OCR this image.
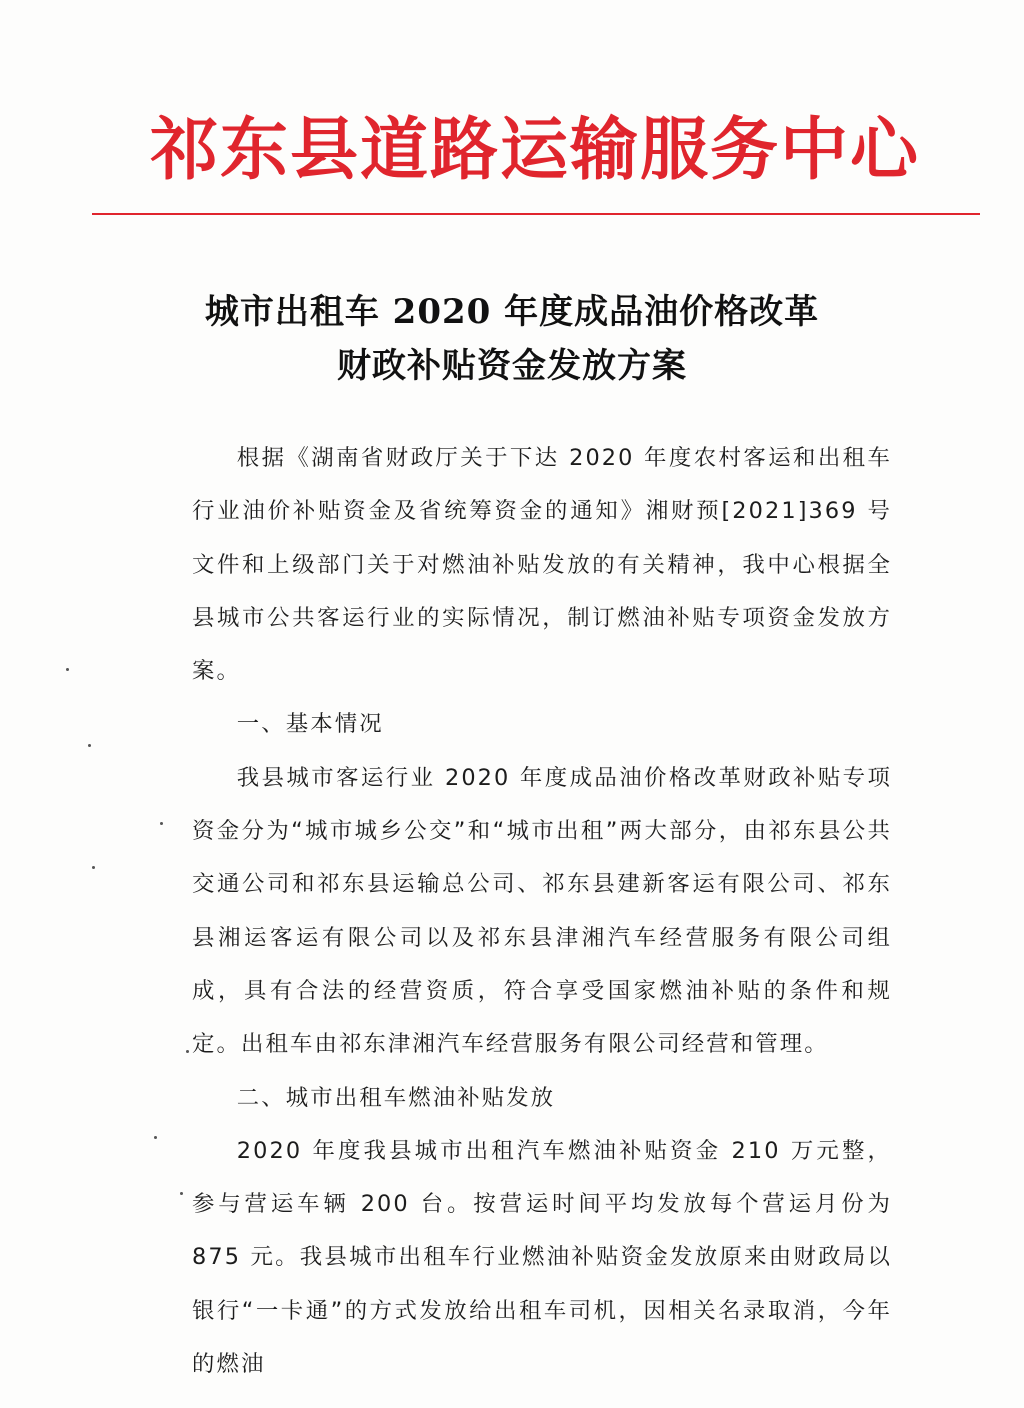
祁东县道路运输服务中心
城市出租车 2020 年度成品油价格改革
财政补贴资金发放方案

根据《湖南省财政厅关于下达 2020 年度农村客运和出租车行业油价补贴资金及省统筹资金的通知》湘财预[2021]369 号文件和上级部门关于对燃油补贴发放的有关精神，我中心根据全县城市公共客运行业的实际情况，制订燃油补贴专项资金发放方案。

一、基本情况

我县城市客运行业 2020 年度成品油价格改革财政补贴专项资金分为“城市城乡公交”和“城市出租”两大部分，由祁东县公共交通公司和祁东县运输总公司、祁东县建新客运有限公司、祁东县湘运客运有限公司以及祁东县津湘汽车经营服务有限公司组成，具有合法的经营资质，符合享受国家燃油补贴的条件和规定。出租车由祁东津湘汽车经营服务有限公司经营和管理。

二、城市出租车燃油补贴发放

2020 年度我县城市出租汽车燃油补贴资金 210 万元整，参与营运车辆 200 台。按营运时间平均发放每个营运月份为 875 元。我县城市出租车行业燃油补贴资金发放原来由财政局以银行“一卡通”的方式发放给出租车司机，因相关名录取消，今年的燃油
